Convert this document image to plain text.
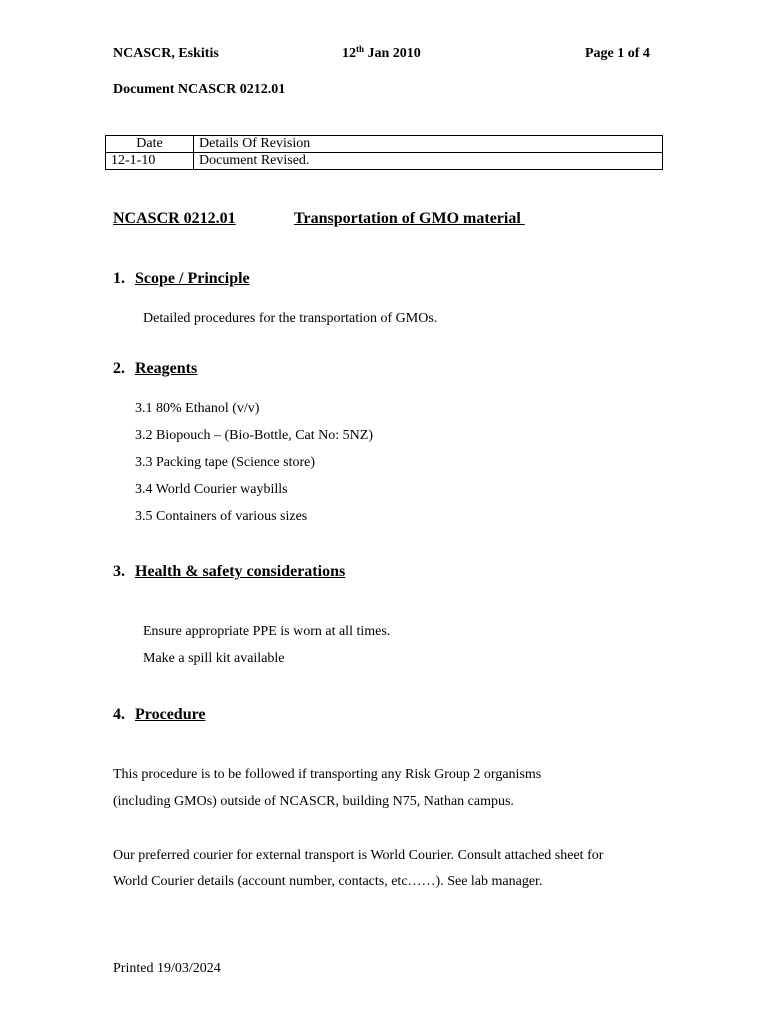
NCASCR, Eskitis	12th Jan 2010	Page 1 of 4
Document NCASCR 0212.01
Date	Details Of Revision
12-1-10	Document Revised.
NCASCR 0212.01	Transportation of GMO material
1. Scope / Principle
Detailed procedures for the transportation of GMOs.
2. Reagents
3.1 80% Ethanol (v/v)
3.2 Biopouch – (Bio-Bottle, Cat No: 5NZ)
3.3 Packing tape (Science store)
3.4 World Courier waybills
3.5 Containers of various sizes
3. Health & safety considerations
Ensure appropriate PPE is worn at all times.
Make a spill kit available
4. Procedure
This procedure is to be followed if transporting any Risk Group 2 organisms
(including GMOs) outside of NCASCR, building N75, Nathan campus.
Our preferred courier for external transport is World Courier. Consult attached sheet for
World Courier details (account number, contacts, etc……). See lab manager.
Printed 19/03/2024
